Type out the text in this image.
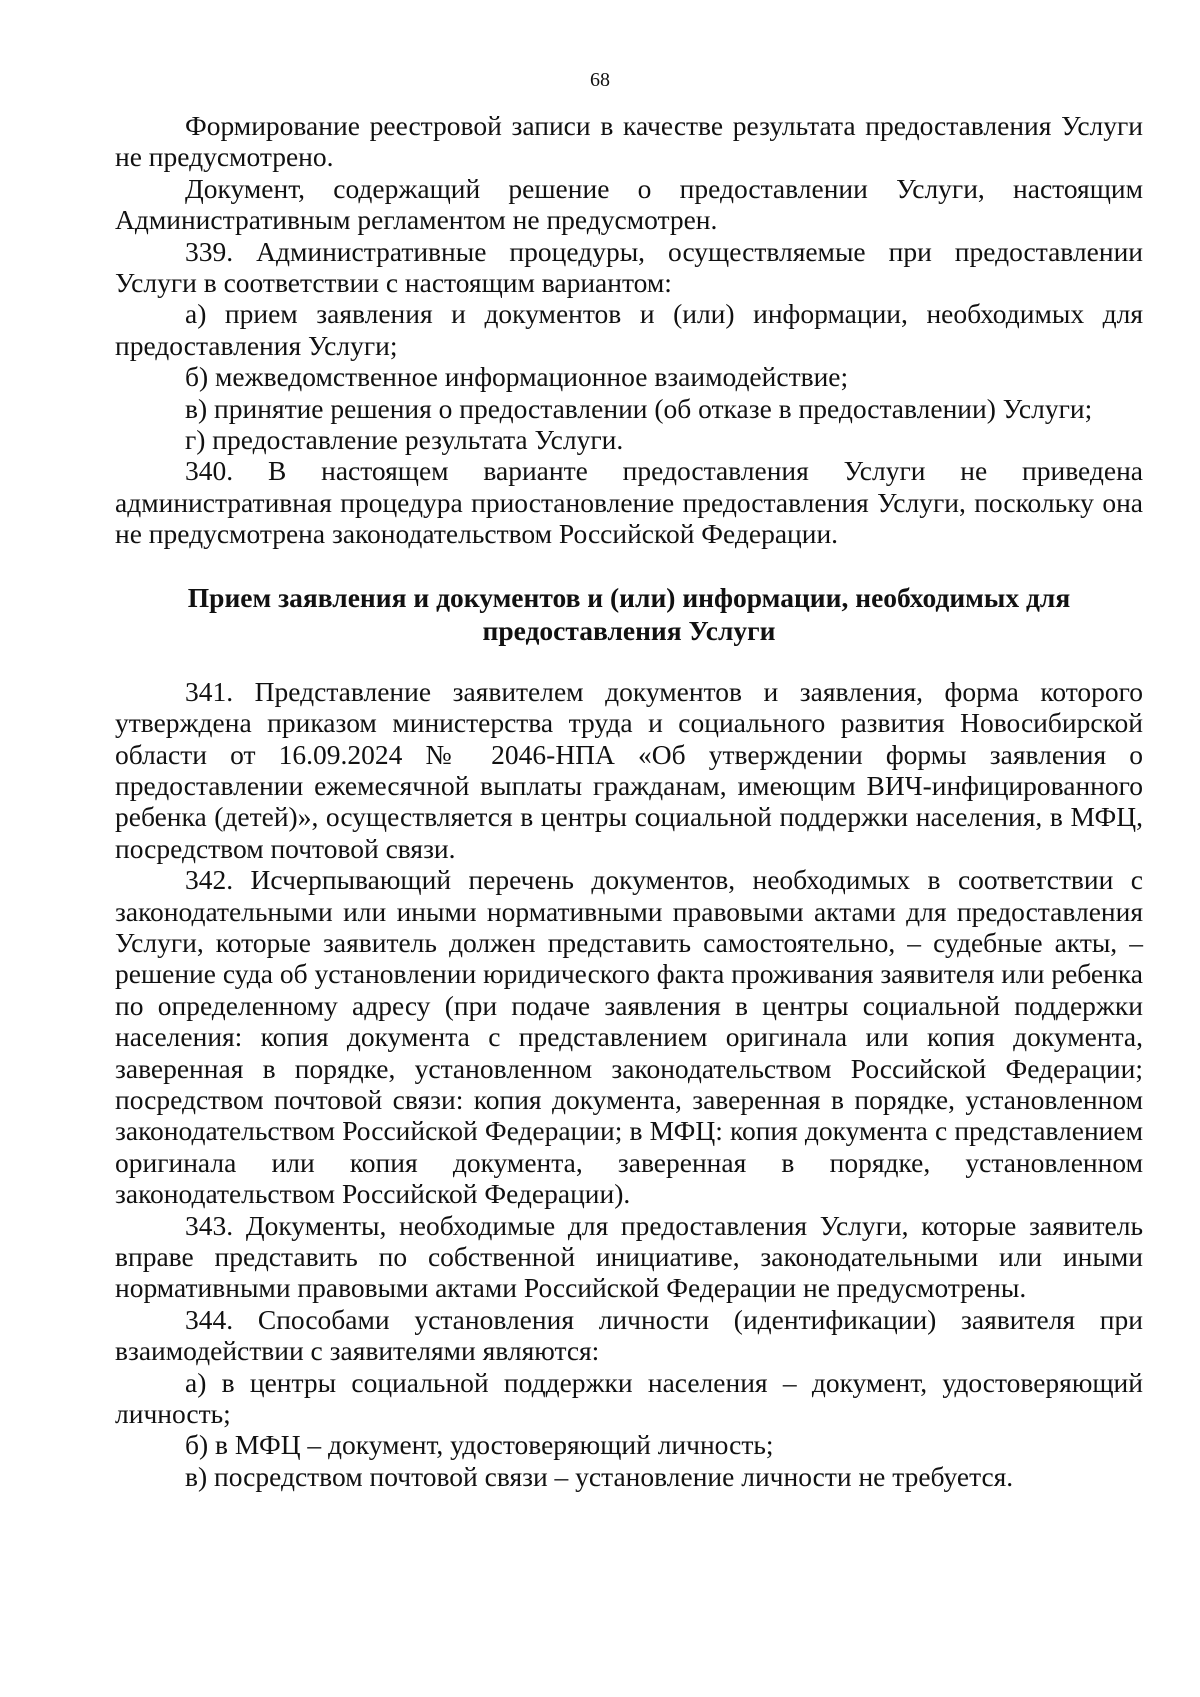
68

Формирование реестровой записи в качестве результата предоставления Услуги не предусмотрено.

Документ, содержащий решение о предоставлении Услуги, настоящим Административным регламентом не предусмотрен.

339. Административные процедуры, осуществляемые при предоставлении Услуги в соответствии с настоящим вариантом:

а) прием заявления и документов и (или) информации, необходимых для предоставления Услуги;

б) межведомственное информационное взаимодействие;

в) принятие решения о предоставлении (об отказе в предоставлении) Услуги;

г) предоставление результата Услуги.

340. В настоящем варианте предоставления Услуги не приведена административная процедура приостановление предоставления Услуги, поскольку она не предусмотрена законодательством Российской Федерации.

Прием заявления и документов и (или) информации, необходимых для предоставления Услуги

341. Представление заявителем документов и заявления, форма которого утверждена приказом министерства труда и социального развития Новосибирской области от 16.09.2024 № 2046-НПА «Об утверждении формы заявления о предоставлении ежемесячной выплаты гражданам, имеющим ВИЧ-инфицированного ребенка (детей)», осуществляется в центры социальной поддержки населения, в МФЦ, посредством почтовой связи.

342. Исчерпывающий перечень документов, необходимых в соответствии с законодательными или иными нормативными правовыми актами для предоставления Услуги, которые заявитель должен представить самостоятельно, – судебные акты, – решение суда об установлении юридического факта проживания заявителя или ребенка по определенному адресу (при подаче заявления в центры социальной поддержки населения: копия документа с представлением оригинала или копия документа, заверенная в порядке, установленном законодательством Российской Федерации; посредством почтовой связи: копия документа, заверенная в порядке, установленном законодательством Российской Федерации; в МФЦ: копия документа с представлением оригинала или копия документа, заверенная в порядке, установленном законодательством Российской Федерации).

343. Документы, необходимые для предоставления Услуги, которые заявитель вправе представить по собственной инициативе, законодательными или иными нормативными правовыми актами Российской Федерации не предусмотрены.

344. Способами установления личности (идентификации) заявителя при взаимодействии с заявителями являются:

а) в центры социальной поддержки населения – документ, удостоверяющий личность;

б) в МФЦ – документ, удостоверяющий личность;

в) посредством почтовой связи – установление личности не требуется.
